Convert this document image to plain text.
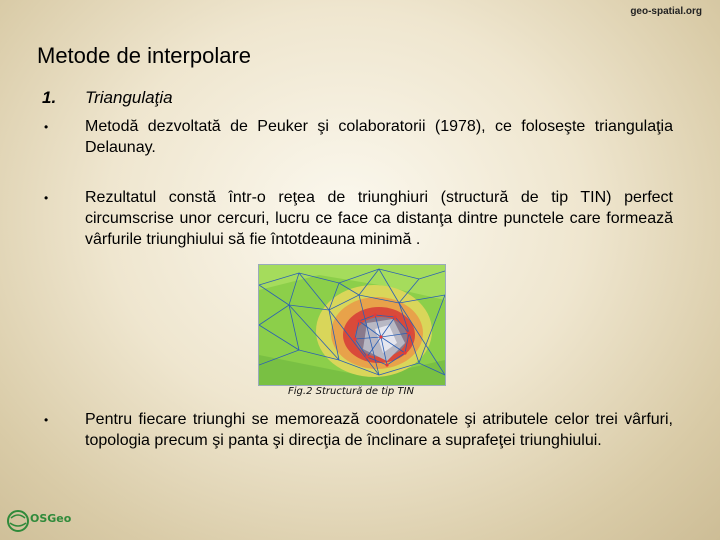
geo-spatial.org
Metode de interpolare
1. Triangulaţia
• Metodă dezvoltată de Peuker şi colaboratorii (1978), ce foloseşte triangulaţia Delaunay.
• Rezultatul constă într-o reţea de triunghiuri (structură de tip TIN) perfect circumscrise unor cercuri, lucru ce face ca distanţa dintre punctele care formează vârfurile triunghiului să fie întotdeauna minimă .
Fig.2 Structură de tip TIN
• Pentru fiecare triunghi se memorează coordonatele şi atributele celor trei vârfuri, topologia precum şi panta şi direcţia de înclinare a suprafeţei triunghiului.
OSGeo
